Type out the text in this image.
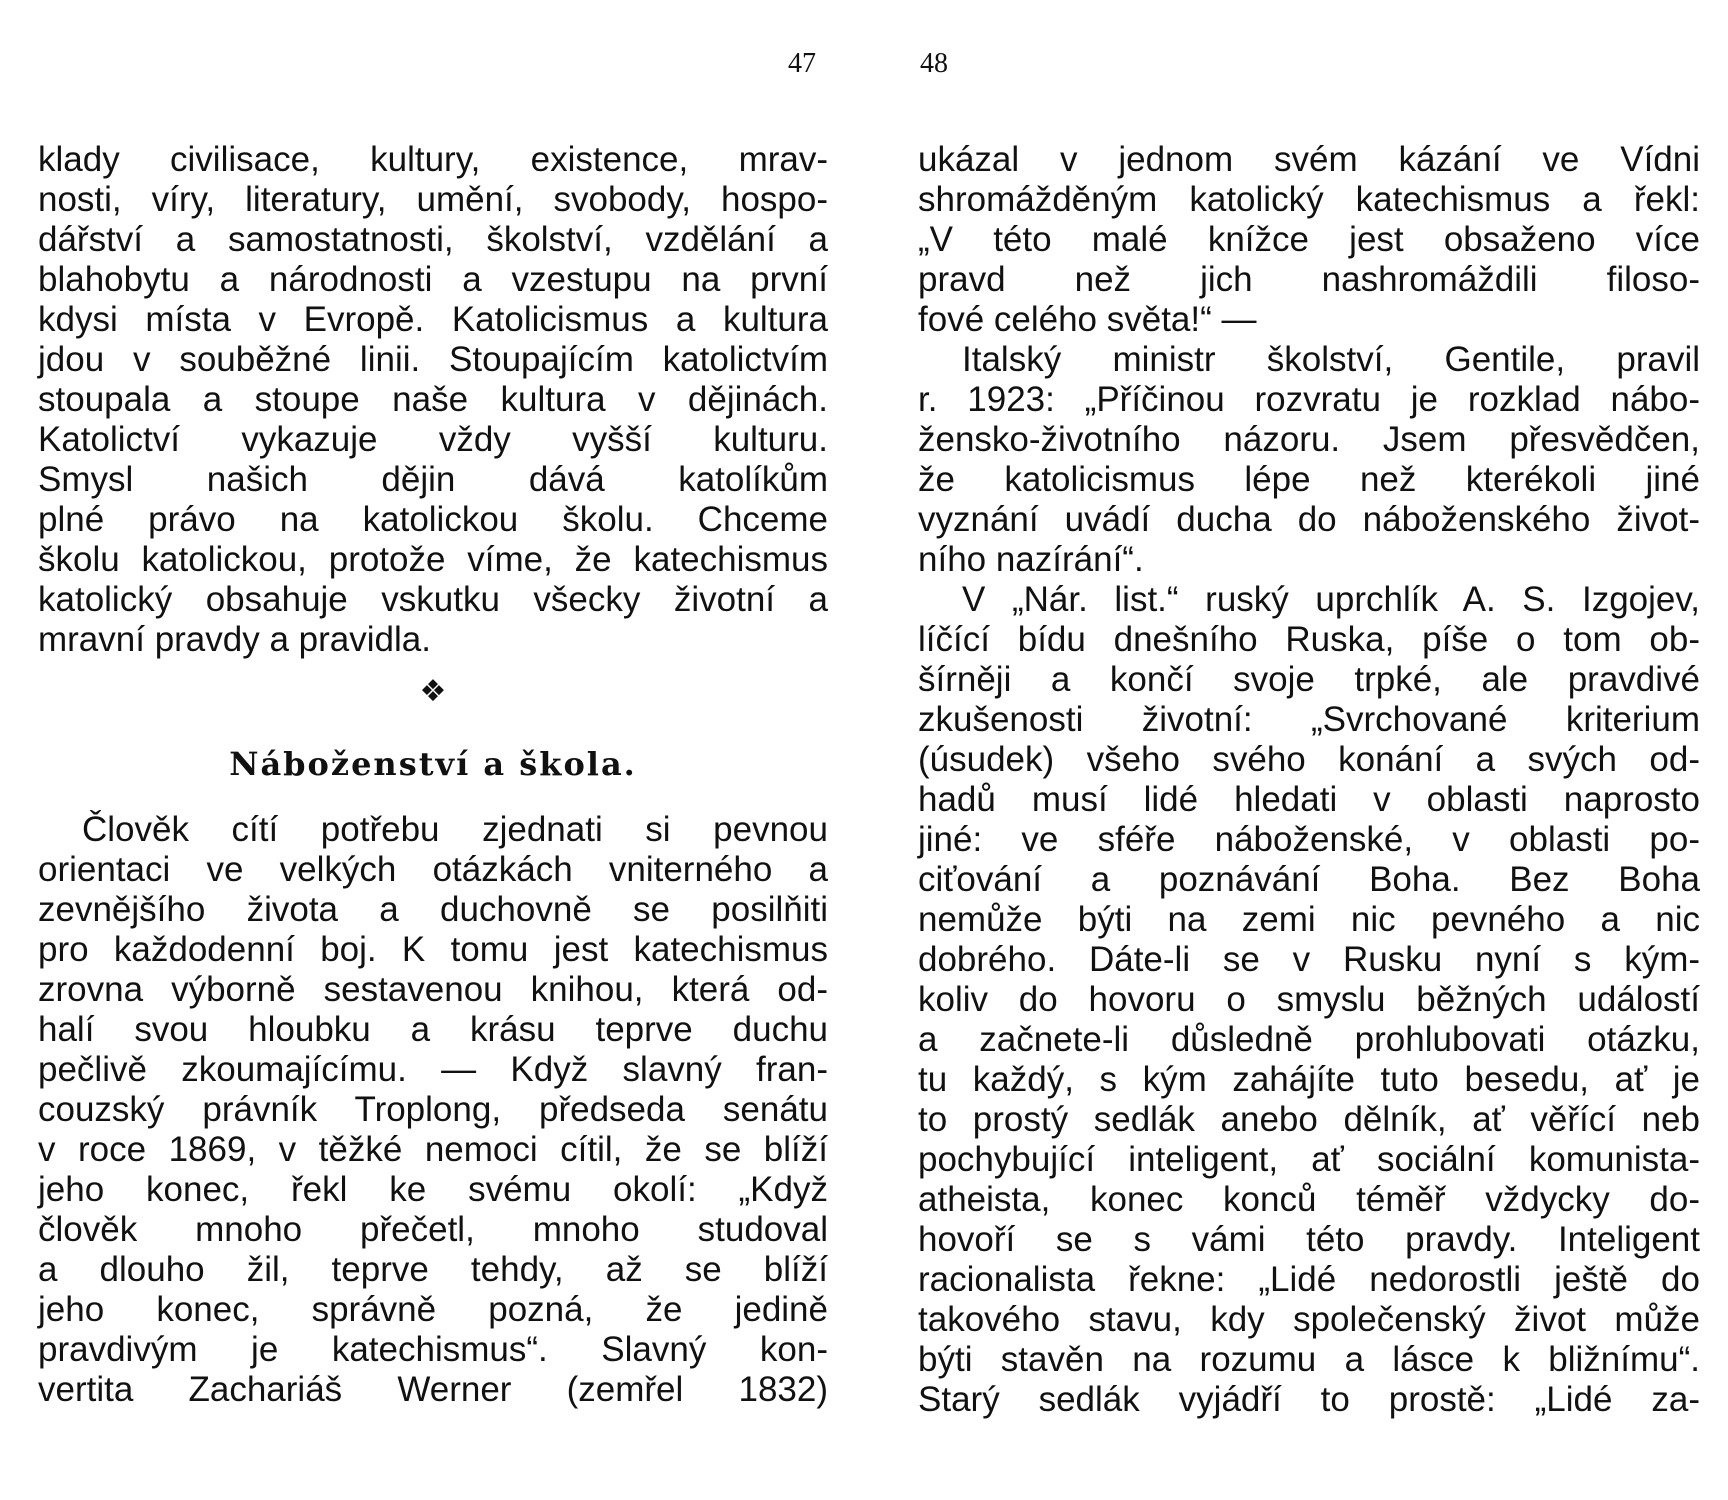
47	48
klady civilisace, kultury, existence, mrav-
nosti, víry, literatury, umění, svobody, hospo-
dářství a samostatnosti, školství, vzdělání a
blahobytu a národnosti a vzestupu na první
kdysi místa v Evropě. Katolicismus a kultura
jdou v souběžné linii. Stoupajícím katolictvím
stoupala a stoupe naše kultura v dějinách.
Katolictví vykazuje vždy vyšší kulturu.
Smysl našich dějin dává katolíkům
plné právo na katolickou školu. Chceme
školu katolickou, protože víme, že katechismus
katolický obsahuje vskutku všecky životní a
mravní pravdy a pravidla.
❖
Náboženství a škola.
Člověk cítí potřebu zjednati si pevnou
orientaci ve velkých otázkách vniterného a
zevnějšího života a duchovně se posilňiti
pro každodenní boj. K tomu jest katechismus
zrovna výborně sestavenou knihou, která od-
halí svou hloubku a krásu teprve duchu
pečlivě zkoumajícímu. — Když slavný fran-
couzský právník Troplong, předseda senátu
v roce 1869, v těžké nemoci cítil, že se blíží
jeho konec, řekl ke svému okolí: „Když
člověk mnoho přečetl, mnoho studoval
a dlouho žil, teprve tehdy, až se blíží
jeho konec, správně pozná, že jedině
pravdivým je katechismus“. Slavný kon-
vertita Zachariáš Werner (zemřel 1832)
ukázal v jednom svém kázání ve Vídni
shromážděným katolický katechismus a řekl:
„V této malé knížce jest obsaženo více
pravd než jich nashromáždili filoso-
fové celého světa!“ —
Italský ministr školství, Gentile, pravil
r. 1923: „Příčinou rozvratu je rozklad nábo-
žensko-životního názoru. Jsem přesvědčen,
že katolicismus lépe než kterékoli jiné
vyznání uvádí ducha do náboženského život-
ního nazírání“.
V „Nár. list.“ ruský uprchlík A. S. Izgojev,
líčící bídu dnešního Ruska, píše o tom ob-
šírněji a končí svoje trpké, ale pravdivé
zkušenosti životní: „Svrchované kriterium
(úsudek) všeho svého konání a svých od-
hadů musí lidé hledati v oblasti naprosto
jiné: ve sféře náboženské, v oblasti po-
ciťování a poznávání Boha. Bez Boha
nemůže býti na zemi nic pevného a nic
dobrého. Dáte-li se v Rusku nyní s kým-
koliv do hovoru o smyslu běžných událostí
a začnete-li důsledně prohlubovati otázku,
tu každý, s kým zahájíte tuto besedu, ať je
to prostý sedlák anebo dělník, ať věřící neb
pochybující inteligent, ať sociální komunista-
atheista, konec konců téměř vždycky do-
hovoří se s vámi této pravdy. Inteligent
racionalista řekne: „Lidé nedorostli ještě do
takového stavu, kdy společenský život může
býti stavěn na rozumu a lásce k bližnímu“.
Starý sedlák vyjádří to prostě: „Lidé za-
